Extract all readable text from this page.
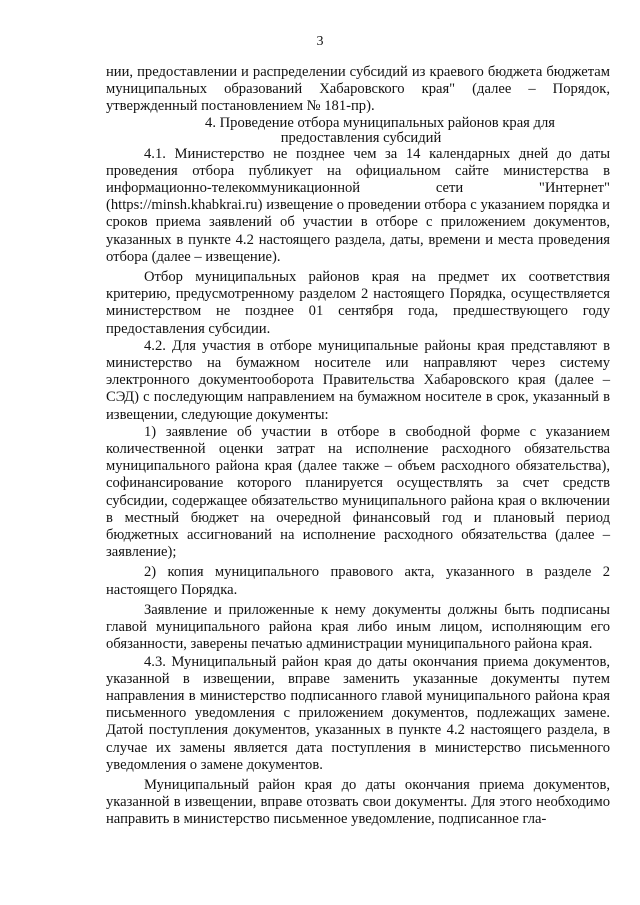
3

нии, предоставлении и распределении субсидий из краевого бюджета бюджетам муниципальных образований Хабаровского края" (далее – Порядок, утвержденный постановлением № 181-пр).

4. Проведение отбора муниципальных районов края для предоставления субсидий

4.1. Министерство не позднее чем за 14 календарных дней до даты проведения отбора публикует на официальном сайте министерства в информационно-телекоммуникационной сети "Интернет" (https://minsh.khabkrai.ru) извещение о проведении отбора с указанием порядка и сроков приема заявлений об участии в отборе с приложением документов, указанных в пункте 4.2 настоящего раздела, даты, времени и места проведения отбора (далее – извещение).

Отбор муниципальных районов края на предмет их соответствия критерию, предусмотренному разделом 2 настоящего Порядка, осуществляется министерством не позднее 01 сентября года, предшествующего году предоставления субсидии.

4.2. Для участия в отборе муниципальные районы края представляют в министерство на бумажном носителе или направляют через систему электронного документооборота Правительства Хабаровского края (далее – СЭД) с последующим направлением на бумажном носителе в срок, указанный в извещении, следующие документы:

1) заявление об участии в отборе в свободной форме с указанием количественной оценки затрат на исполнение расходного обязательства муниципального района края (далее также – объем расходного обязательства), софинансирование которого планируется осуществлять за счет средств субсидии, содержащее обязательство муниципального района края о включении в местный бюджет на очередной финансовый год и плановый период бюджетных ассигнований на исполнение расходного обязательства (далее – заявление);

2) копия муниципального правового акта, указанного в разделе 2 настоящего Порядка.

Заявление и приложенные к нему документы должны быть подписаны главой муниципального района края либо иным лицом, исполняющим его обязанности, заверены печатью администрации муниципального района края.

4.3. Муниципальный район края до даты окончания приема документов, указанной в извещении, вправе заменить указанные документы путем направления в министерство подписанного главой муниципального района края письменного уведомления с приложением документов, подлежащих замене. Датой поступления документов, указанных в пункте 4.2 настоящего раздела, в случае их замены является дата поступления в министерство письменного уведомления о замене документов.

Муниципальный район края до даты окончания приема документов, указанной в извещении, вправе отозвать свои документы. Для этого необходимо направить в министерство письменное уведомление, подписанное гла-
